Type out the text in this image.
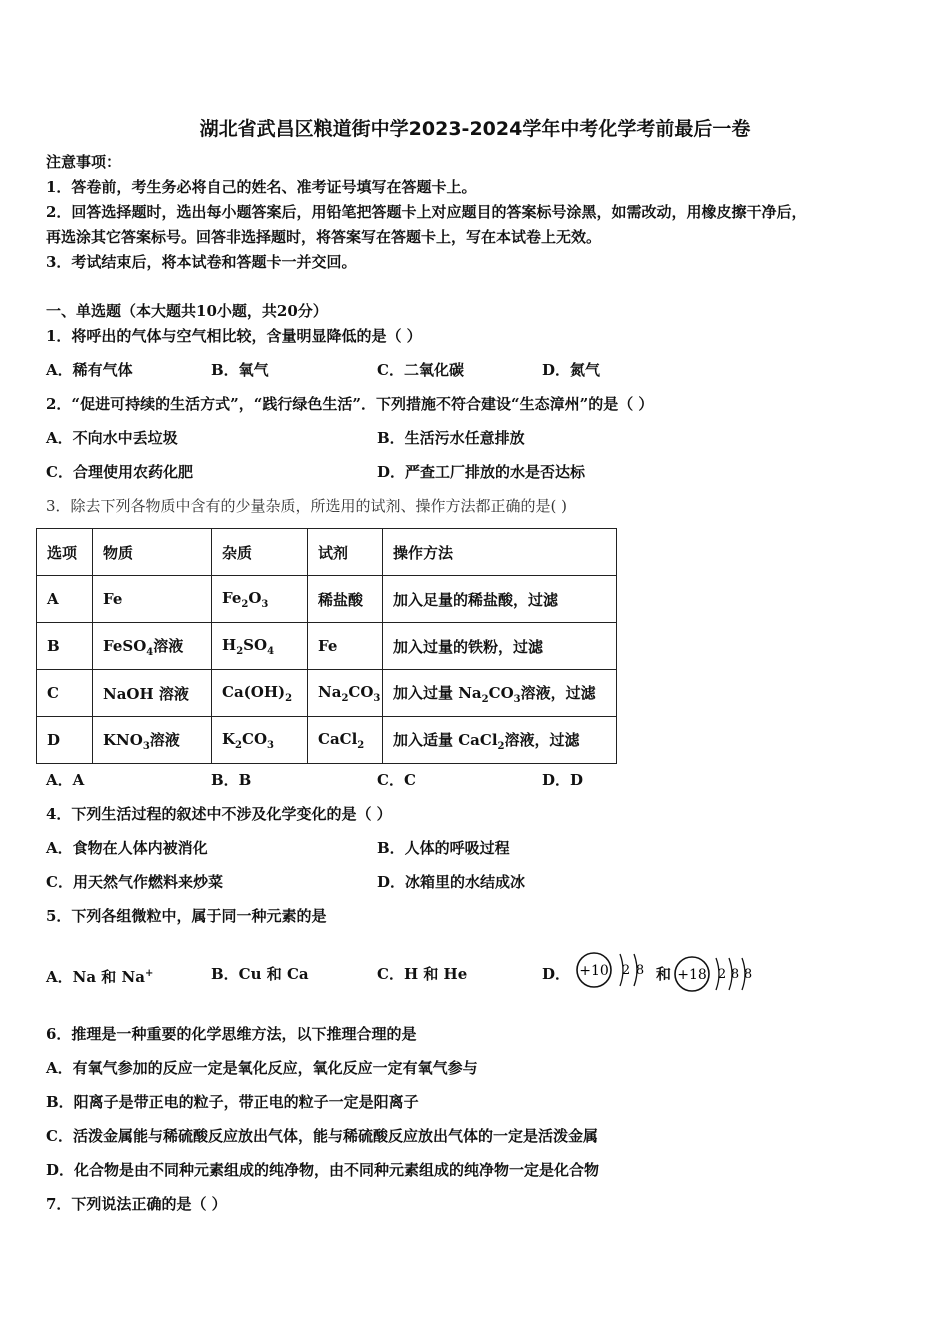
湖北省武昌区粮道街中学2023-2024学年中考化学考前最后一卷
注意事项：
1．答卷前，考生务必将自己的姓名、准考证号填写在答题卡上。
2．回答选择题时，选出每小题答案后，用铅笔把答题卡上对应题目的答案标号涂黑，如需改动，用橡皮擦干净后，
再选涂其它答案标号。回答非选择题时，将答案写在答题卡上，写在本试卷上无效。
3．考试结束后，将本试卷和答题卡一并交回。
一、单选题（本大题共10小题，共20分）
1．将呼出的气体与空气相比较，含量明显降低的是（ ）
A．稀有气体	B．氧气	C．二氧化碳	D．氮气
2．“促进可持续的生活方式”，“践行绿色生活”．下列措施不符合建设“生态漳州”的是（ ）
A．不向水中丢垃圾	B．生活污水任意排放
C．合理使用农药化肥	D．严查工厂排放的水是否达标
3．除去下列各物质中含有的少量杂质，所选用的试剂、操作方法都正确的是( )
选项	物质	杂质	试剂	操作方法
A	Fe	$Fe_2O_3$	稀盐酸	加入足量的稀盐酸，过滤
B	FeSO$_4$溶液	$H_2SO_4$	Fe	加入过量的铁粉，过滤
C	NaOH 溶液	$Ca(OH)_2$	$Na_2CO_3$	加入过量 $Na_2CO_3$溶液，过滤
D	$KNO_3$溶液	$K_2CO_3$	CaCl$_2$	加入适量 CaCl$_2$溶液，过滤
A．A	B．B	C．C	D．D
4．下列生活过程的叙述中不涉及化学变化的是（ ）
A．食物在人体内被消化	B．人体的呼吸过程
C．用天然气作燃料来炒菜	D．冰箱里的水结成冰
5．下列各组微粒中，属于同一种元素的是
A．Na 和 Na+	B．Cu 和 Ca	C．H 和 He	D． +10 2 8 和 +18 2 8 8
6．推理是一种重要的化学思维方法，以下推理合理的是
A．有氧气参加的反应一定是氧化反应，氧化反应一定有氧气参与
B．阳离子是带正电的粒子，带正电的粒子一定是阳离子
C．活泼金属能与稀硫酸反应放出气体，能与稀硫酸反应放出气体的一定是活泼金属
D．化合物是由不同种元素组成的纯净物，由不同种元素组成的纯净物一定是化合物
7．下列说法正确的是（ ）
